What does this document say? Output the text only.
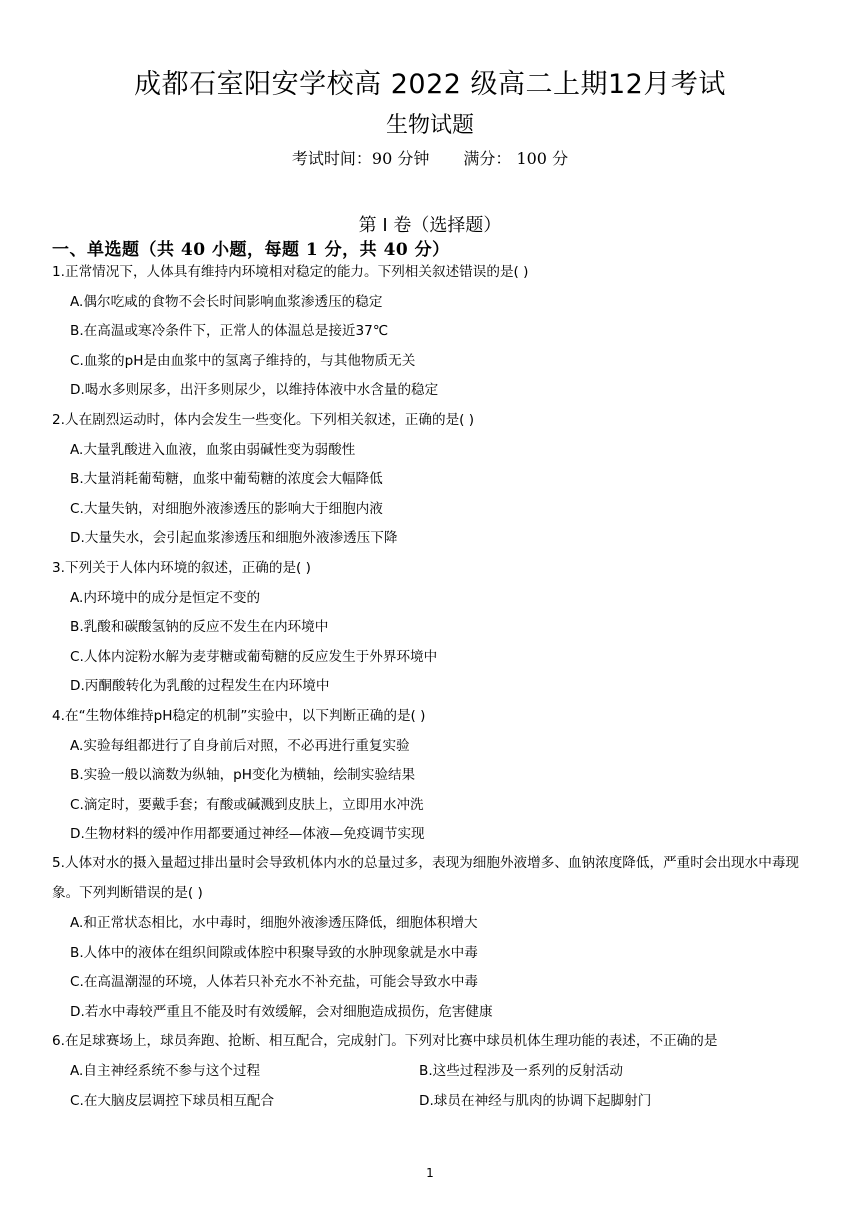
成都石室阳安学校高 2022 级高二上期12月考试
生物试题
考试时间：90 分钟 满分： 100 分
第 Ⅰ 卷（选择题）
一、单选题（共 40 小题，每题 1 分，共 40 分）
1.正常情况下，人体具有维持内环境相对稳定的能力。下列相关叙述错误的是( )
A.偶尔吃咸的食物不会长时间影响血浆渗透压的稳定
B.在高温或寒冷条件下，正常人的体温总是接近37℃
C.血浆的pH是由血浆中的氢离子维持的，与其他物质无关
D.喝水多则尿多，出汗多则尿少，以维持体液中水含量的稳定
2.人在剧烈运动时，体内会发生一些变化。下列相关叙述，正确的是( )
A.大量乳酸进入血液，血浆由弱碱性变为弱酸性
B.大量消耗葡萄糖，血浆中葡萄糖的浓度会大幅降低
C.大量失钠，对细胞外液渗透压的影响大于细胞内液
D.大量失水，会引起血浆渗透压和细胞外液渗透压下降
3.下列关于人体内环境的叙述，正确的是( )
A.内环境中的成分是恒定不变的
B.乳酸和碳酸氢钠的反应不发生在内环境中
C.人体内淀粉水解为麦芽糖或葡萄糖的反应发生于外界环境中
D.丙酮酸转化为乳酸的过程发生在内环境中
4.在“生物体维持pH稳定的机制”实验中，以下判断正确的是( )
A.实验每组都进行了自身前后对照，不必再进行重复实验
B.实验一般以滴数为纵轴，pH变化为横轴，绘制实验结果
C.滴定时，要戴手套；有酸或碱溅到皮肤上，立即用水冲洗
D.生物材料的缓冲作用都要通过神经—体液—免疫调节实现
5.人体对水的摄入量超过排出量时会导致机体内水的总量过多，表现为细胞外液增多、血钠浓度降低，严重时会出现水中毒现象。下列判断错误的是( )
A.和正常状态相比，水中毒时，细胞外液渗透压降低，细胞体积增大
B.人体中的液体在组织间隙或体腔中积聚导致的水肿现象就是水中毒
C.在高温潮湿的环境，人体若只补充水不补充盐，可能会导致水中毒
D.若水中毒较严重且不能及时有效缓解，会对细胞造成损伤，危害健康
6.在足球赛场上，球员奔跑、抢断、相互配合，完成射门。下列对比赛中球员机体生理功能的表述，不正确的是
A.自主神经系统不参与这个过程	B.这些过程涉及一系列的反射活动
C.在大脑皮层调控下球员相互配合	D.球员在神经与肌肉的协调下起脚射门
1
